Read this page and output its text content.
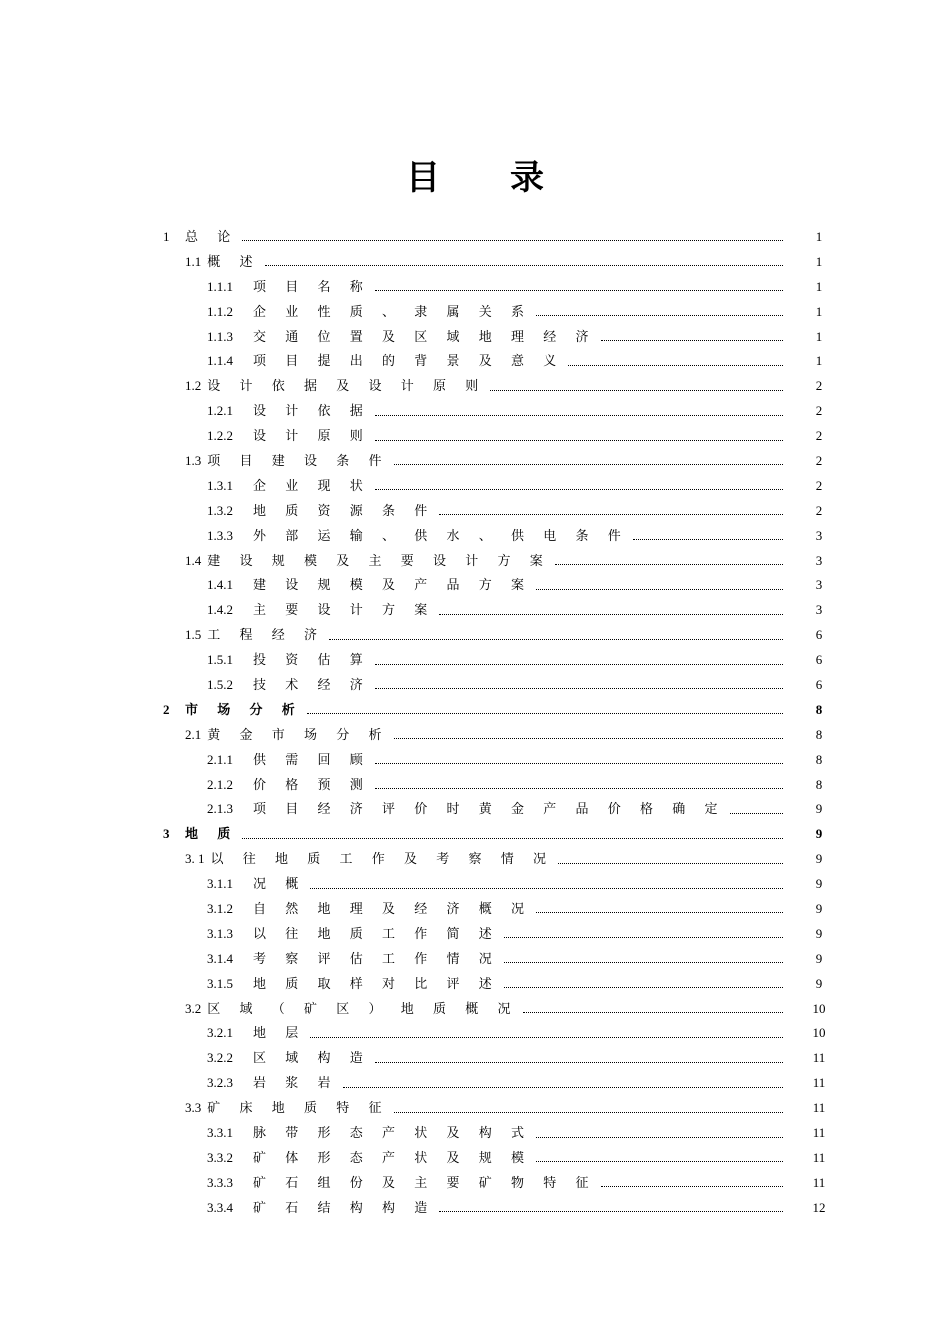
目 录
1	总 论	1
1.1 概 述	1
1.1.1	项 目 名 称	1
1.1.2	企 业 性 质 、 隶 属 关 系	1
1.1.3	交 通 位 置 及 区 域 地 理 经 济	1
1.1.4	项 目 提 出 的 背 景 及 意 义	1
1.2 设 计 依 据 及 设 计 原 则	2
1.2.1	设 计 依 据	2
1.2.2	设 计 原 则	2
1.3 项 目 建 设 条 件	2
1.3.1	企 业 现 状	2
1.3.2	地 质 资 源 条 件	2
1.3.3	外 部 运 输 、 供 水 、 供 电 条 件	3
1.4 建 设 规 模 及 主 要 设 计 方 案	3
1.4.1	建 设 规 模 及 产 品 方 案	3
1.4.2	主 要 设 计 方 案	3
1.5 工 程 经 济	6
1.5.1	投 资 估 算	6
1.5.2	技 术 经 济	6
2	市 场 分 析	8
2.1 黄 金 市 场 分 析	8
2.1.1	供 需 回 顾	8
2.1.2	价 格 预 测	8
2.1.3	项 目 经 济 评 价 时 黄 金 产 品 价 格 确 定	9
3	地 质	9
3. 1 以 往 地 质 工 作 及 考 察 情 况	9
3.1.1	况 概	9
3.1.2	自 然 地 理 及 经 济 概 况	9
3.1.3	以 往 地 质 工 作 简 述	9
3.1.4	考 察 评 估 工 作 情 况	9
3.1.5	地 质 取 样 对 比 评 述	9
3.2 区 域 （ 矿 区 ） 地 质 概 况	10
3.2.1	地 层	10
3.2.2	区 域 构 造	11
3.2.3	岩 浆 岩	11
3.3 矿 床 地 质 特 征	11
3.3.1	脉 带 形 态 产 状 及 构 式	11
3.3.2	矿 体 形 态 产 状 及 规 模	11
3.3.3	矿 石 组 份 及 主 要 矿 物 特 征	11
3.3.4	矿 石 结 构 构 造	12
